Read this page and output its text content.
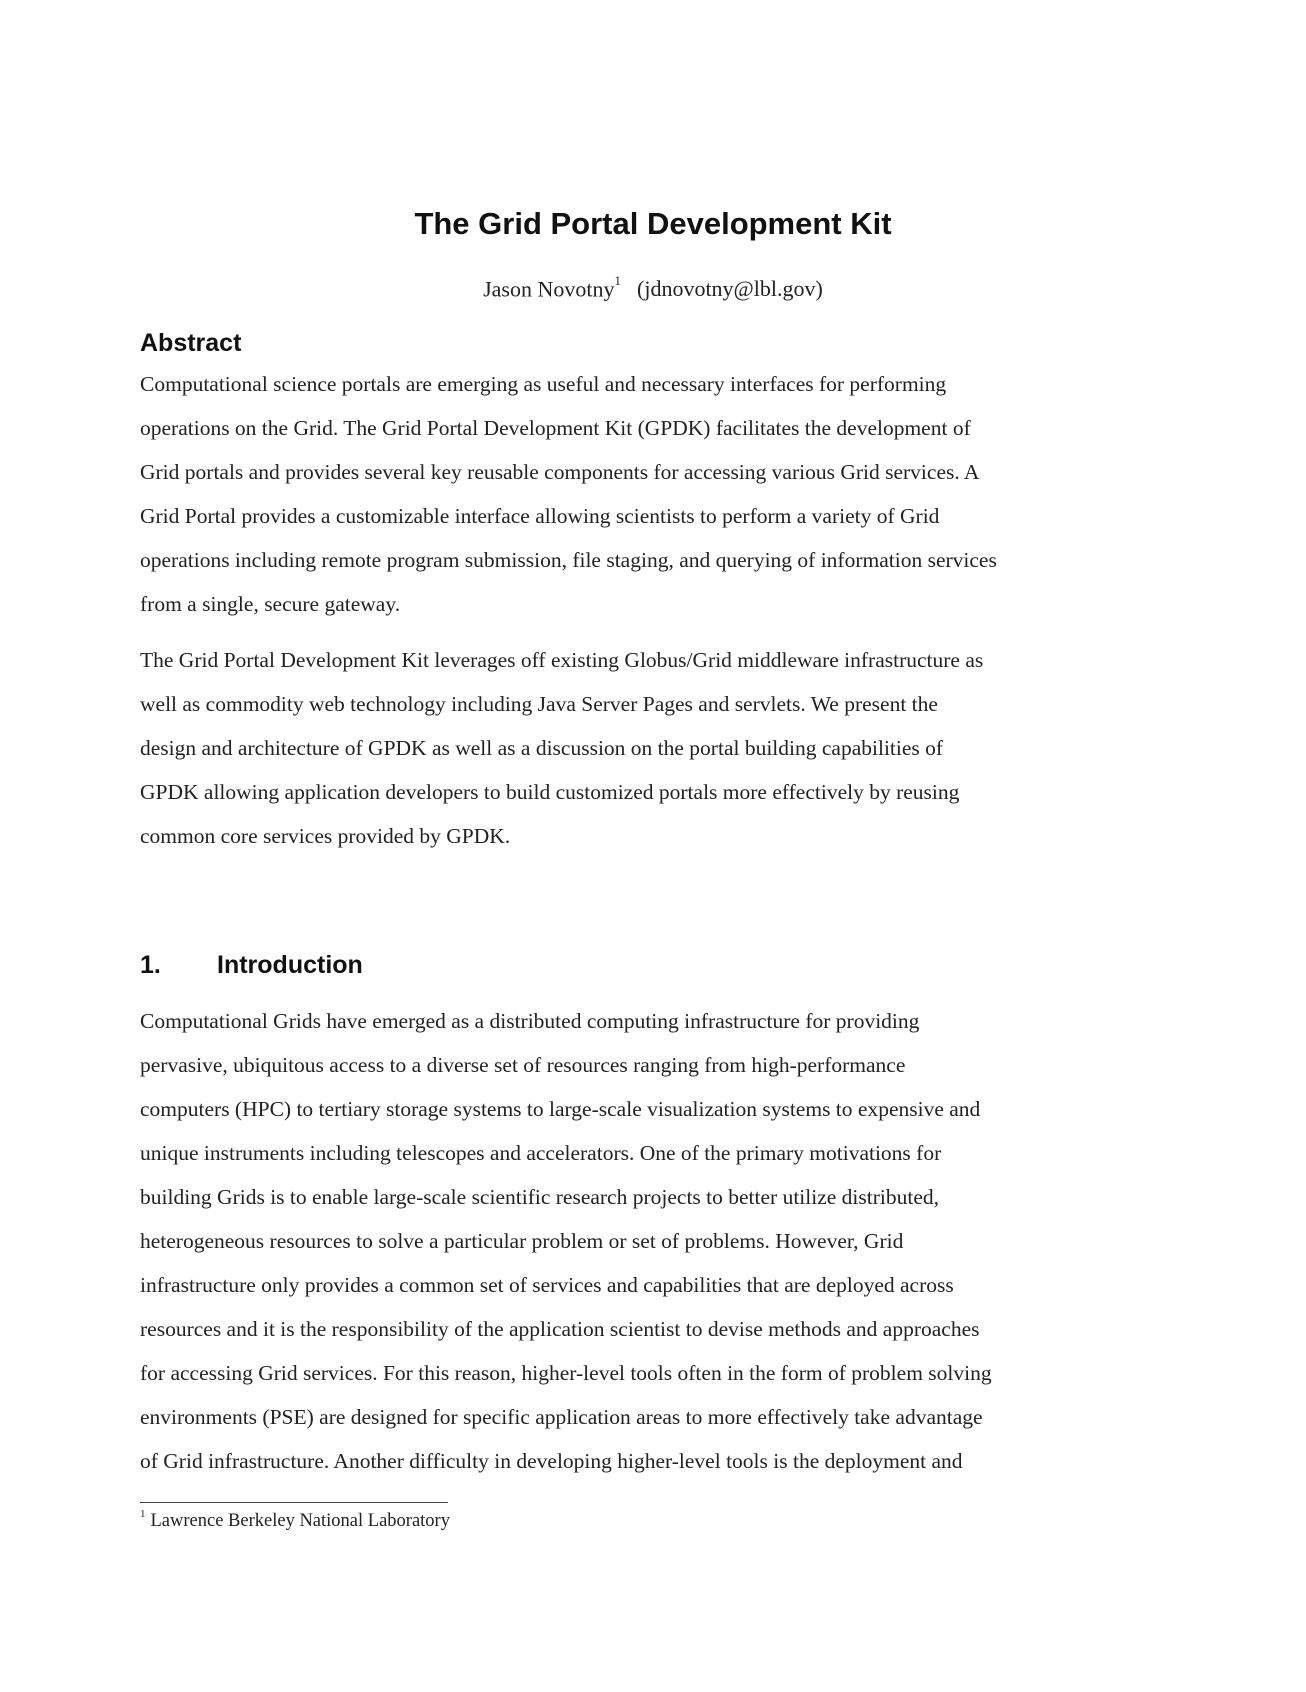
The Grid Portal Development Kit
Jason Novotny$^1$ (jdnovotny@lbl.gov)
Abstract

Computational science portals are emerging as useful and necessary interfaces for performing
operations on the Grid. The Grid Portal Development Kit (GPDK) facilitates the development of
Grid portals and provides several key reusable components for accessing various Grid services. A
Grid Portal provides a customizable interface allowing scientists to perform a variety of Grid
operations including remote program submission, file staging, and querying of information services
from a single, secure gateway.

The Grid Portal Development Kit leverages off existing Globus/Grid middleware infrastructure as
well as commodity web technology including Java Server Pages and servlets. We present the
design and architecture of GPDK as well as a discussion on the portal building capabilities of
GPDK allowing application developers to build customized portals more effectively by reusing
common core services provided by GPDK.

1. Introduction

Computational Grids have emerged as a distributed computing infrastructure for providing
pervasive, ubiquitous access to a diverse set of resources ranging from high-performance
computers (HPC) to tertiary storage systems to large-scale visualization systems to expensive and
unique instruments including telescopes and accelerators. One of the primary motivations for
building Grids is to enable large-scale scientific research projects to better utilize distributed,
heterogeneous resources to solve a particular problem or set of problems. However, Grid
infrastructure only provides a common set of services and capabilities that are deployed across
resources and it is the responsibility of the application scientist to devise methods and approaches
for accessing Grid services. For this reason, higher-level tools often in the form of problem solving
environments (PSE) are designed for specific application areas to more effectively take advantage
of Grid infrastructure. Another difficulty in developing higher-level tools is the deployment and

$^1$ Lawrence Berkeley National Laboratory
